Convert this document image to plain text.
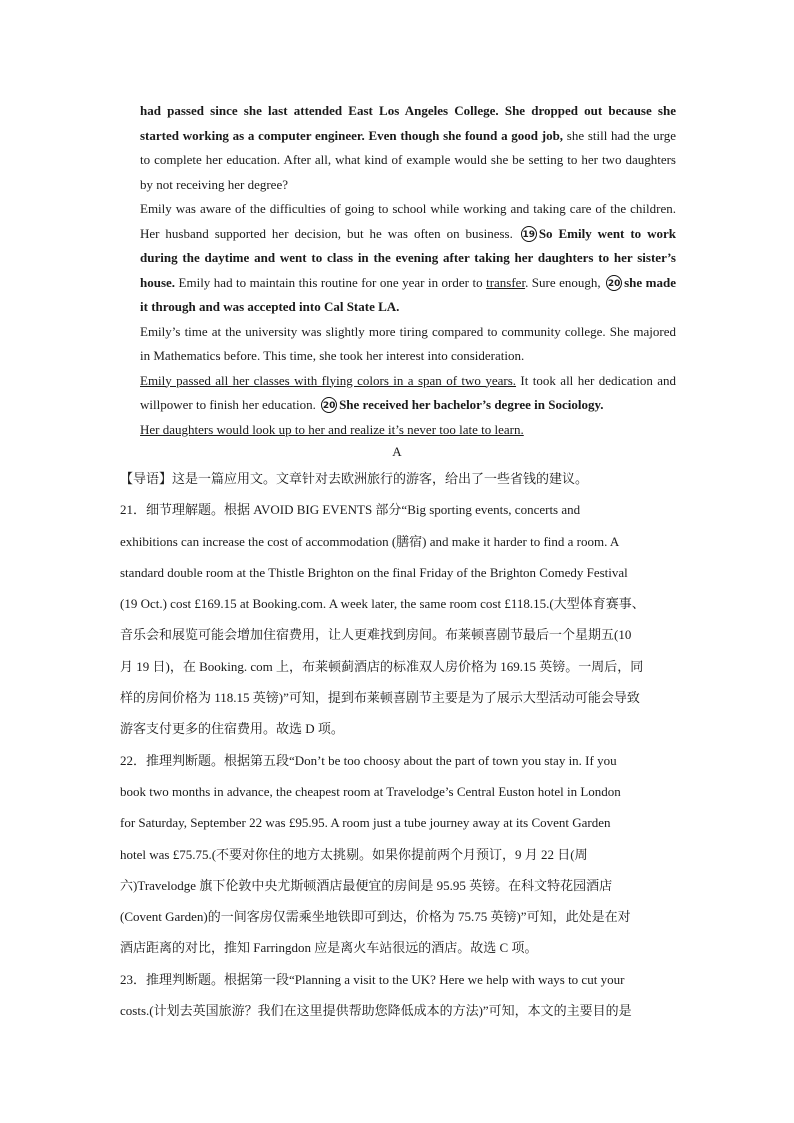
had passed since she last attended East Los Angeles College. She dropped out because she started working as a computer engineer. Even though she found a good job, she still had the urge to complete her education. After all, what kind of example would she be setting to her two daughters by not receiving her degree?

Emily was aware of the difficulties of going to school while working and taking care of the children. Her husband supported her decision, but he was often on business. 19 So Emily went to work during the daytime and went to class in the evening after taking her daughters to her sister’s house. Emily had to maintain this routine for one year in order to transfer. Sure enough, 20 she made it through and was accepted into Cal State LA.

Emily’s time at the university was slightly more tiring compared to community college. She majored in Mathematics before. This time, she took her interest into consideration.

Emily passed all her classes with flying colors in a span of two years. It took all her dedication and willpower to finish her education. 20 She received her bachelor’s degree in Sociology.

Her daughters would look up to her and realize it’s never too late to learn.

A

【导语】这是一篇应用文。文章针对去欧洲旅行的游客，给出了一些省钱的建议。

21．细节理解题。根据 AVOID BIG EVENTS 部分“Big sporting events, concerts and

exhibitions can increase the cost of accommodation (膳宿) and make it harder to find a room. A

standard double room at the Thistle Brighton on the final Friday of the Brighton Comedy Festival

(19 Oct.) cost £169.15 at Booking.com. A week later, the same room cost £118.15.(大型体育赛事、

音乐会和展览可能会增加住宿费用，让人更难找到房间。布莱顿喜剧节最后一个星期五(10

月 19 日)，在 Booking. com 上，布莱顿蓟酒店的标准双人房价格为 169.15 英镑。一周后，同

样的房间价格为 118.15 英镑)”可知，提到布莱顿喜剧节主要是为了展示大型活动可能会导致

游客支付更多的住宿费用。故选 D 项。

22．推理判断题。根据第五段“Don’t be too choosy about the part of town you stay in. If you

book two months in advance, the cheapest room at Travelodge’s Central Euston hotel in London

for Saturday, September 22 was £95.95. A room just a tube journey away at its Covent Garden

hotel was £75.75.(不要对你住的地方太挑剔。如果你提前两个月预订，9 月 22 日(周

六)Travelodge 旗下伦敦中央尤斯顿酒店最便宜的房间是 95.95 英镑。在科文特花园酒店

(Covent Garden)的一间客房仅需乘坐地铁即可到达，价格为 75.75 英镑)”可知，此处是在对

酒店距离的对比，推知 Farringdon 应是离火车站很远的酒店。故选 C 项。

23．推理判断题。根据第一段“Planning a visit to the UK? Here we help with ways to cut your

costs.(计划去英国旅游？我们在这里提供帮助您降低成本的方法)”可知，本文的主要目的是
